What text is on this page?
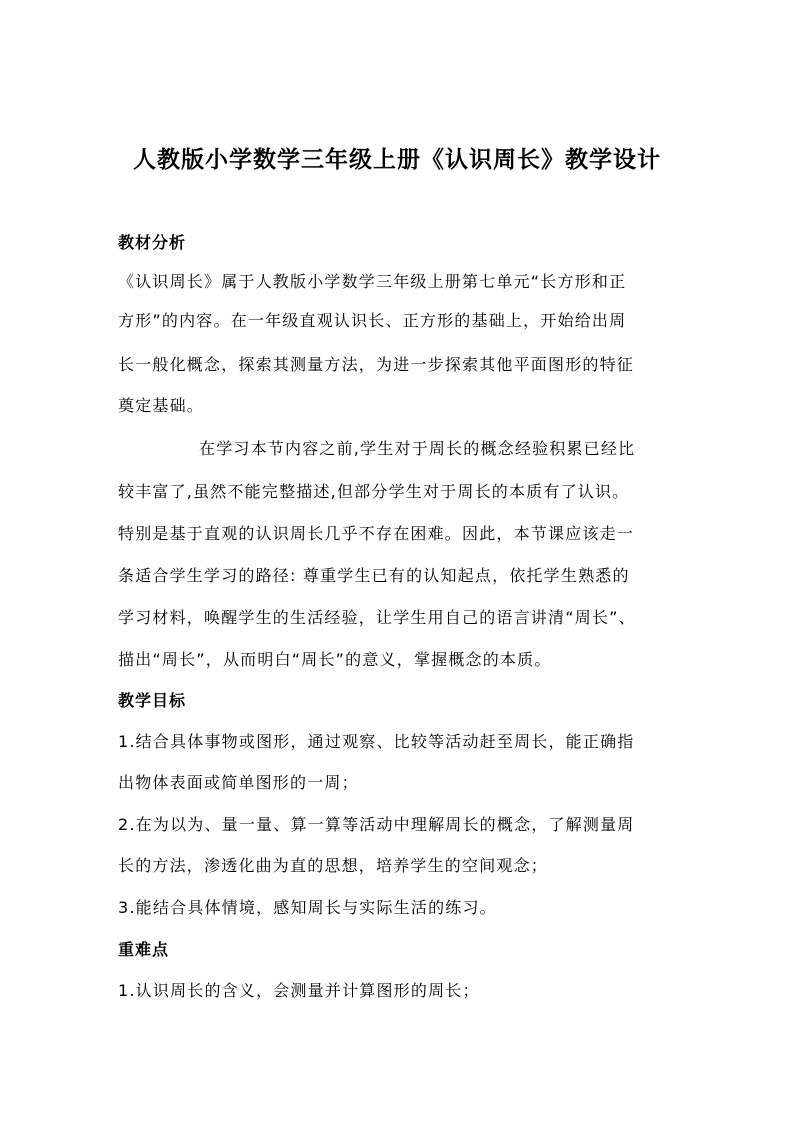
人教版小学数学三年级上册《认识周长》教学设计
教材分析
《认识周长》属于人教版小学数学三年级上册第七单元“长方形和正
方形”的内容。在一年级直观认识长、正方形的基础上，开始给出周
长一般化概念，探索其测量方法，为进一步探索其他平面图形的特征
奠定基础。
在学习本节内容之前,学生对于周长的概念经验积累已经比
较丰富了,虽然不能完整描述,但部分学生对于周长的本质有了认识。
特别是基于直观的认识周长几乎不存在困难。因此，本节课应该走一
条适合学生学习的路径: 尊重学生已有的认知起点，依托学生熟悉的
学习材料，唤醒学生的生活经验，让学生用自己的语言讲清“周长”、
描出“周长”，从而明白“周长”的意义，掌握概念的本质。
教学目标
1.结合具体事物或图形，通过观察、比较等活动赶至周长，能正确指
出物体表面或简单图形的一周；
2.在为以为、量一量、算一算等活动中理解周长的概念，了解测量周
长的方法，渗透化曲为直的思想，培养学生的空间观念；
3.能结合具体情境，感知周长与实际生活的练习。
重难点
1.认识周长的含义，会测量并计算图形的周长；
